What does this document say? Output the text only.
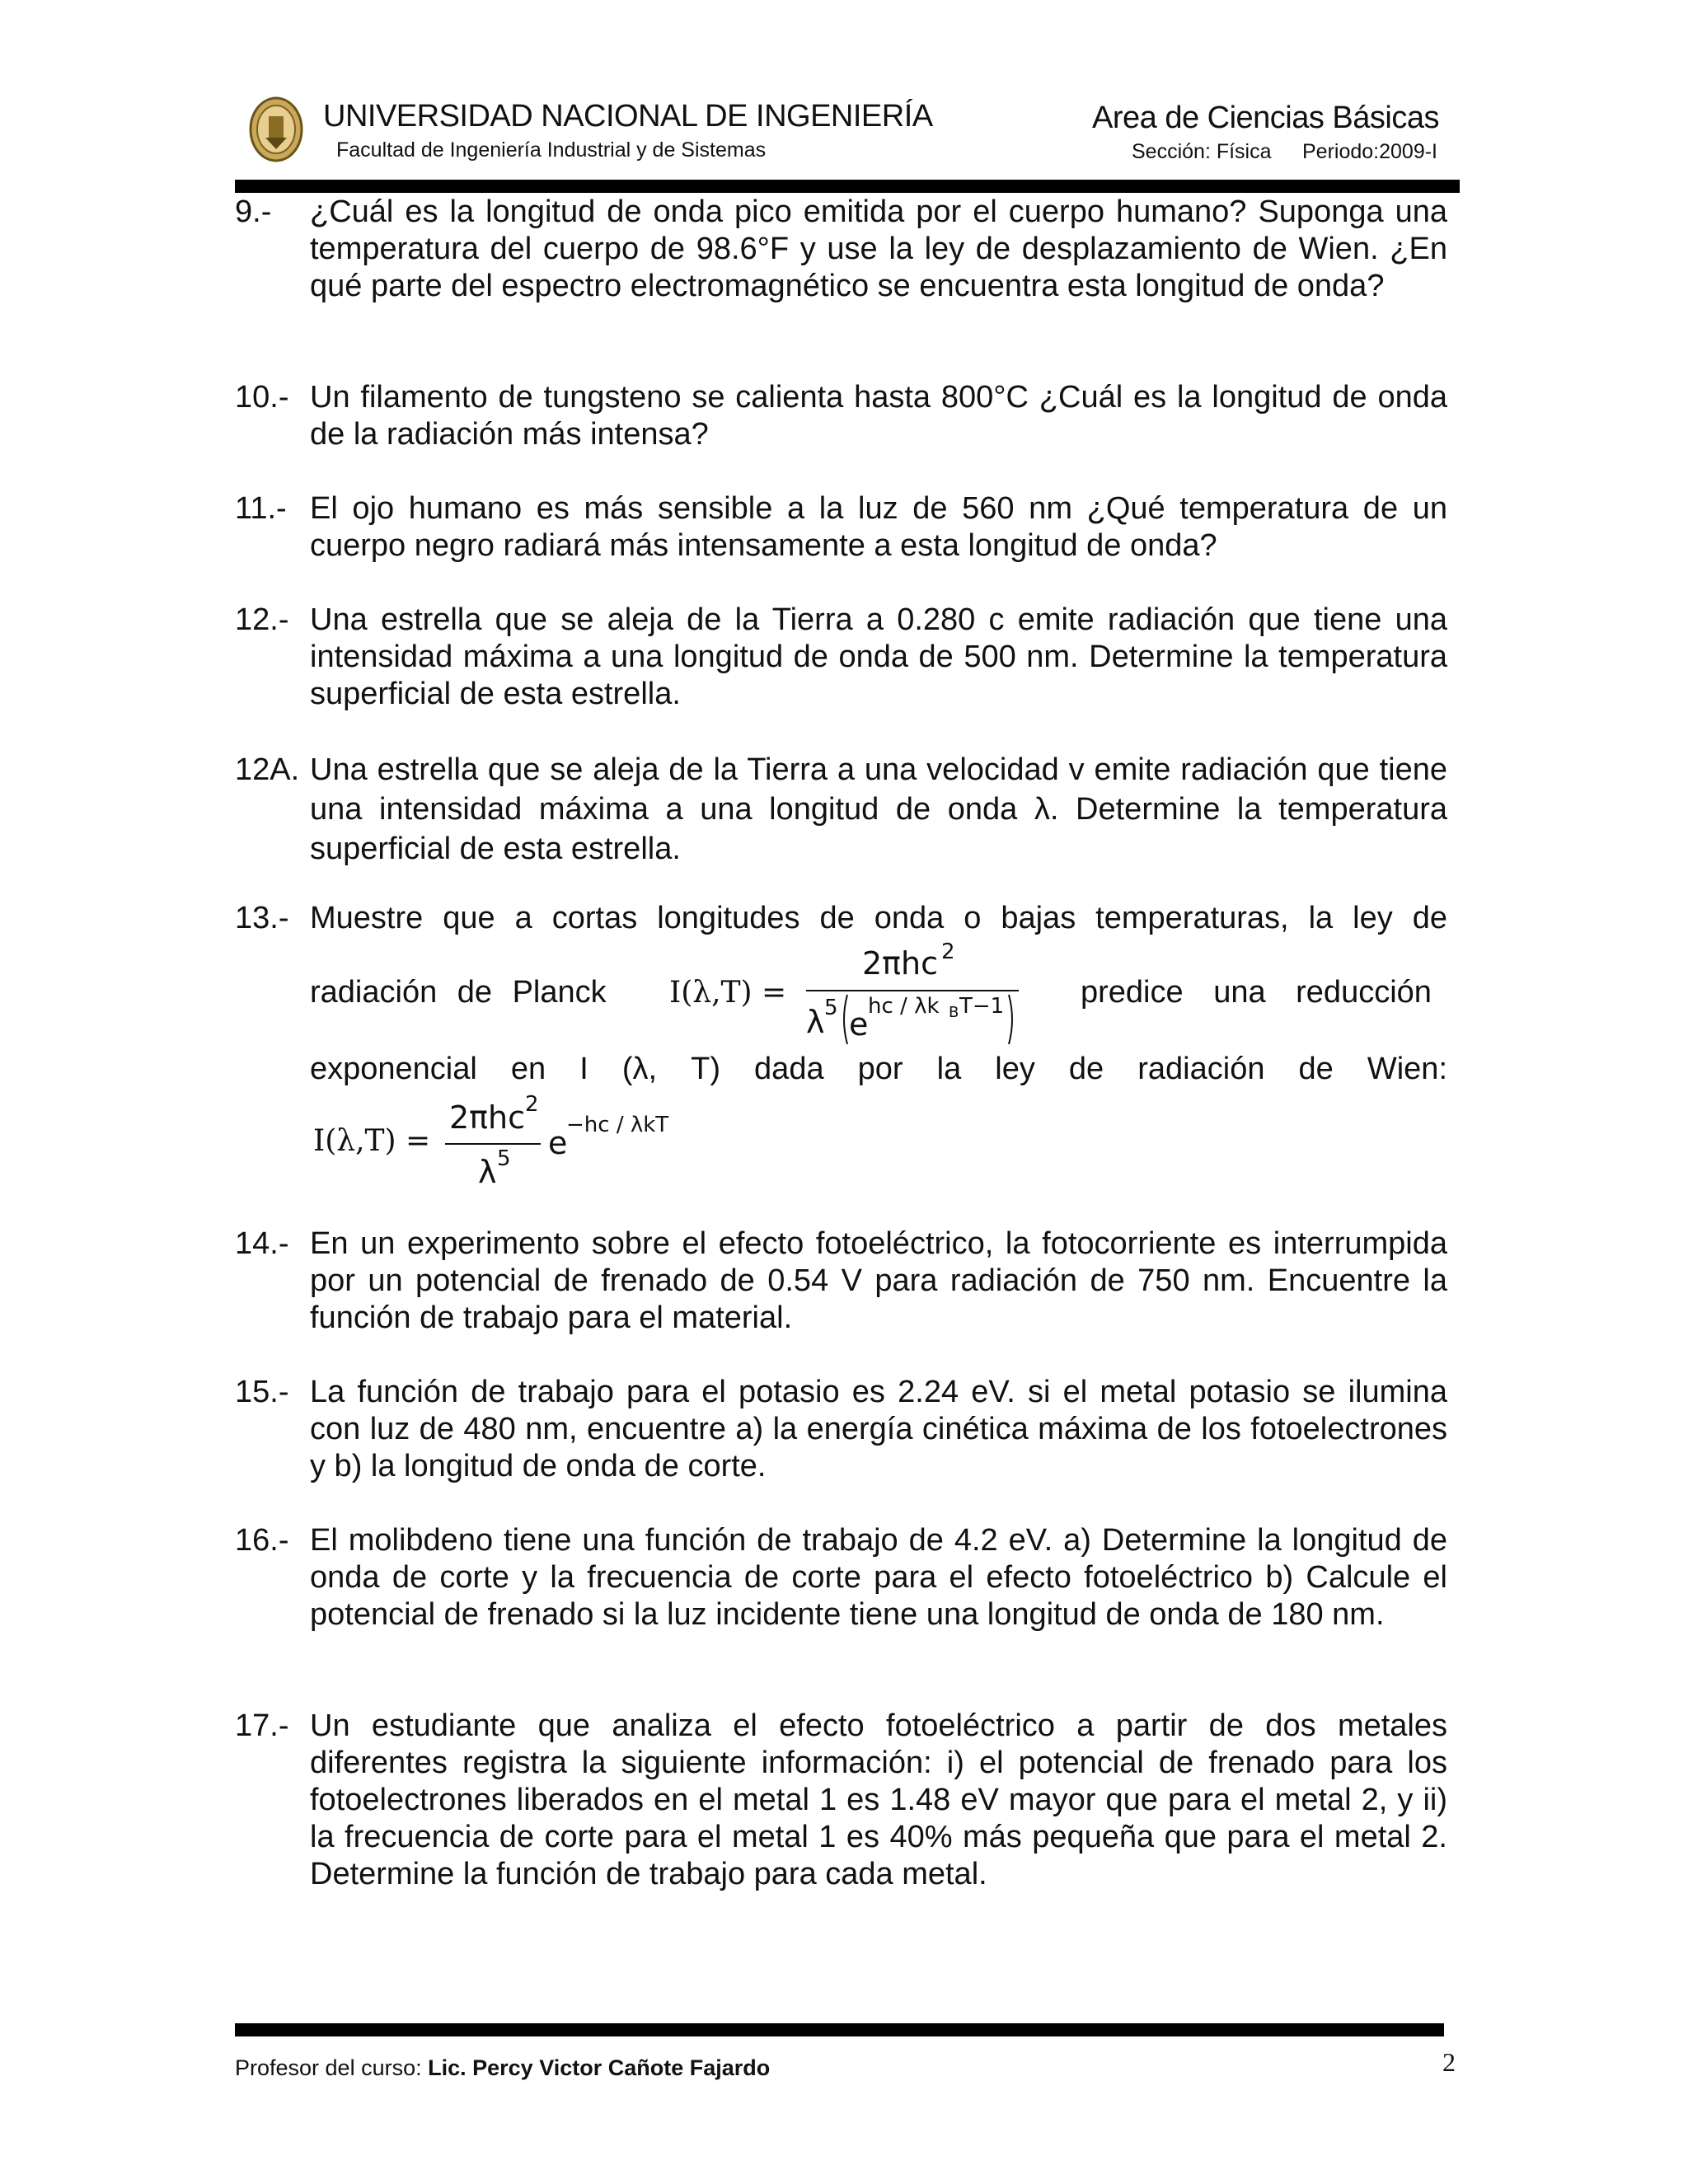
UNIVERSIDAD NACIONAL DE INGENIERÍA
Facultad de Ingeniería Industrial y de Sistemas
Area de Ciencias Básicas
Sección: Física Periodo:2009-I
9.- ¿Cuál es la longitud de onda pico emitida por el cuerpo humano? Suponga una temperatura del cuerpo de 98.6°F y use la ley de desplazamiento de Wien. ¿En qué parte del espectro electromagnético se encuentra esta longitud de onda?
10.- Un filamento de tungsteno se calienta hasta 800°C ¿Cuál es la longitud de onda de la radiación más intensa?
11.- El ojo humano es más sensible a la luz de 560 nm ¿Qué temperatura de un cuerpo negro radiará más intensamente a esta longitud de onda?
12.- Una estrella que se aleja de la Tierra a 0.280 c emite radiación que tiene una intensidad máxima a una longitud de onda de 500 nm. Determine la temperatura superficial de esta estrella.
12A. Una estrella que se aleja de la Tierra a una velocidad v emite radiación que tiene una intensidad máxima a una longitud de onda λ. Determine la temperatura superficial de esta estrella.
13.- Muestre que a cortas longitudes de onda o bajas temperaturas, la ley de
radiación de Planck I(λ,T) =
2πhc 2
λ 5 e hc / λk B T−1 predice una reducción
exponencial en I (λ, T) dada por la ley de radiación de Wien:
I(λ,T) =
2πhc 2
λ 5 e
−hc / λkT
14.- En un experimento sobre el efecto fotoeléctrico, la fotocorriente es interrumpida por un potencial de frenado de 0.54 V para radiación de 750 nm. Encuentre la función de trabajo para el material.
15.- La función de trabajo para el potasio es 2.24 eV. si el metal potasio se ilumina con luz de 480 nm, encuentre a) la energía cinética máxima de los fotoelectrones y b) la longitud de onda de corte.
16.- El molibdeno tiene una función de trabajo de 4.2 eV. a) Determine la longitud de onda de corte y la frecuencia de corte para el efecto fotoeléctrico b) Calcule el potencial de frenado si la luz incidente tiene una longitud de onda de 180 nm.
17.- Un estudiante que analiza el efecto fotoeléctrico a partir de dos metales diferentes registra la siguiente información: i) el potencial de frenado para los fotoelectrones liberados en el metal 1 es 1.48 eV mayor que para el metal 2, y ii) la frecuencia de corte para el metal 1 es 40% más pequeña que para el metal 2. Determine la función de trabajo para cada metal.
Profesor del curso: Lic. Percy Victor Cañote Fajardo	2
